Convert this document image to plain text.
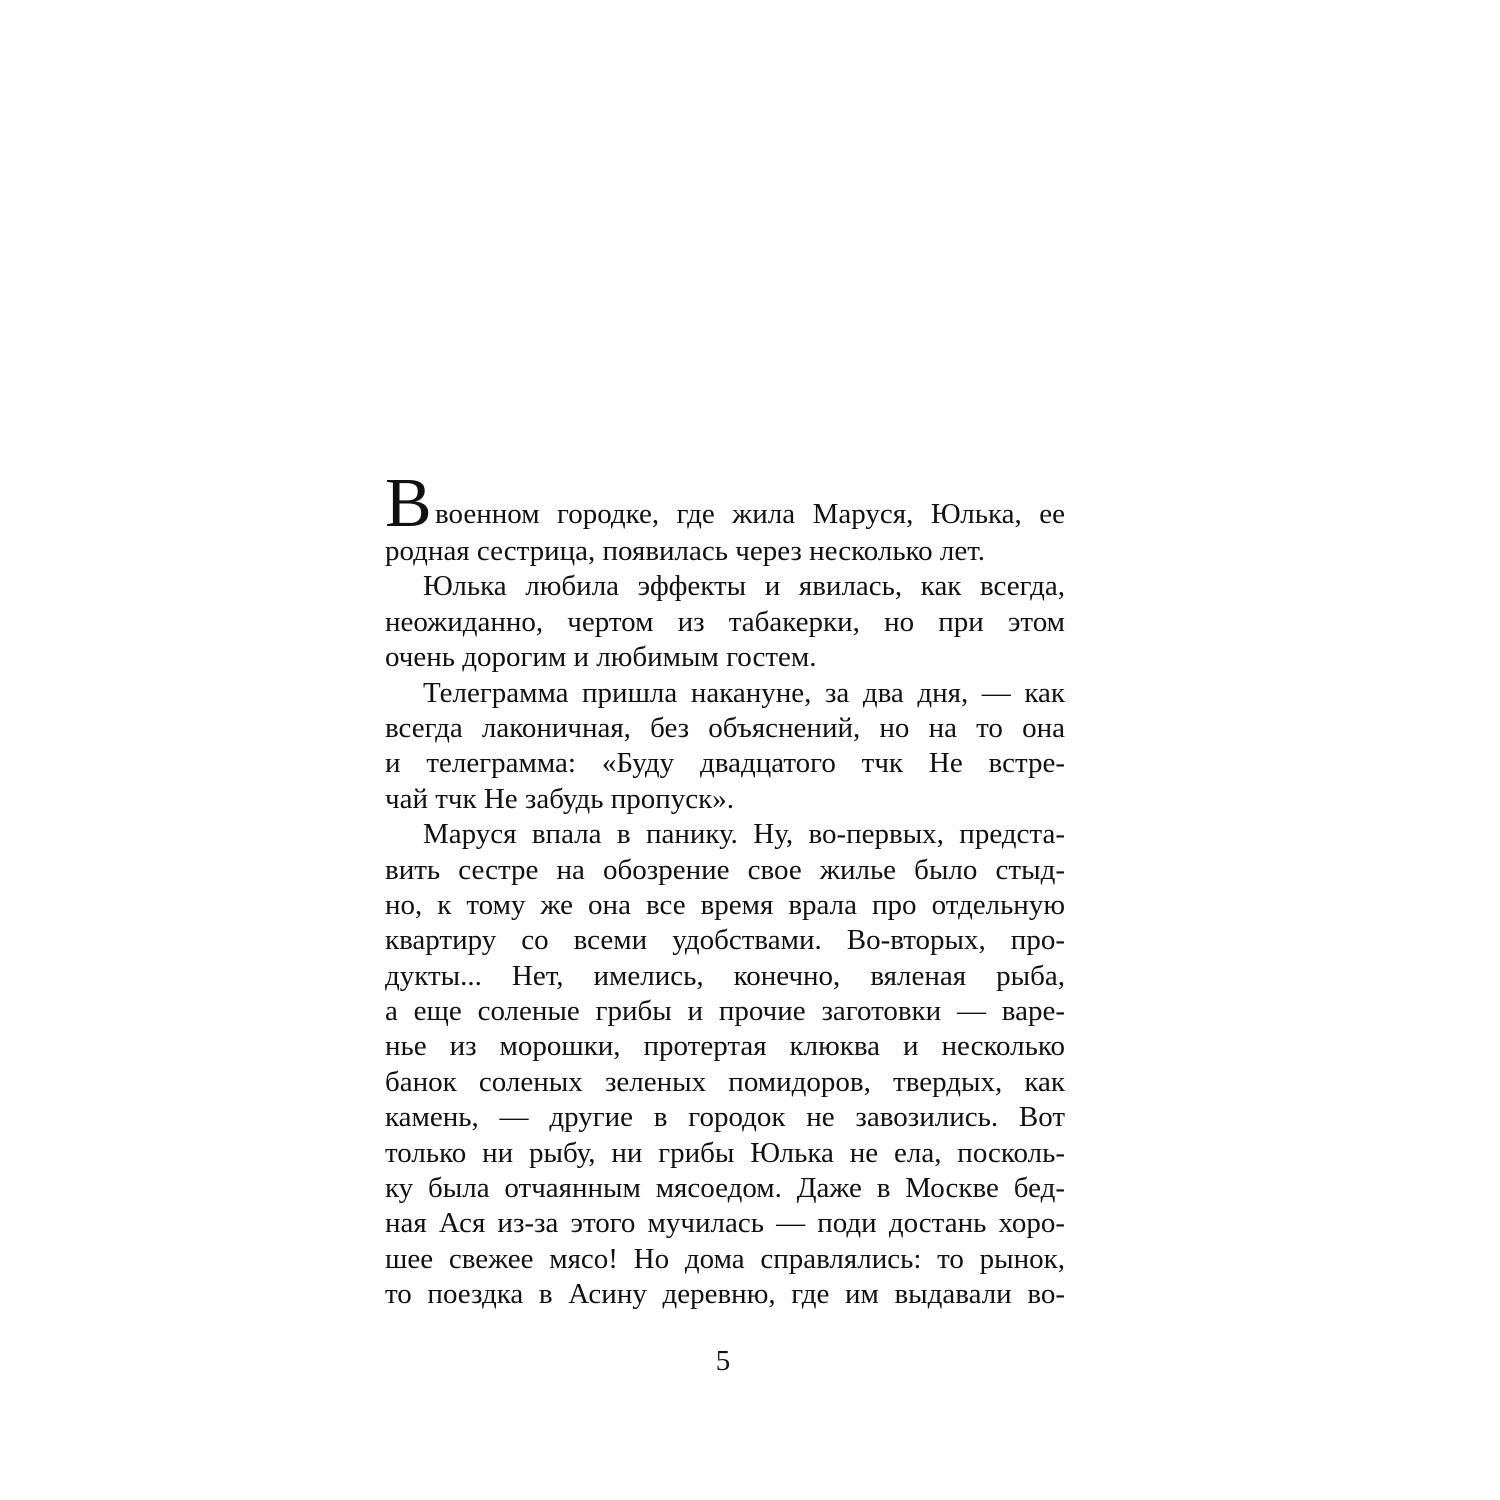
В военном городке, где жила Маруся, Юлька, ее
родная сестрица, появилась через несколько лет.
Юлька любила эффекты и явилась, как всегда,
неожиданно, чертом из табакерки, но при этом
очень дорогим и любимым гостем.
Телеграмма пришла накануне, за два дня, — как
всегда лаконичная, без объяснений, но на то она
и телеграмма: «Буду двадцатого тчк Не встре-
чай тчк Не забудь пропуск».
Маруся впала в панику. Ну, во-первых, предста-
вить сестре на обозрение свое жилье было стыд-
но, к тому же она все время врала про отдельную
квартиру со всеми удобствами. Во-вторых, про-
дукты... Нет, имелись, конечно, вяленая рыба,
а еще соленые грибы и прочие заготовки — варе-
нье из морошки, протертая клюква и несколько
банок соленых зеленых помидоров, твердых, как
камень, — другие в городок не завозились. Вот
только ни рыбу, ни грибы Юлька не ела, посколь-
ку была отчаянным мясоедом. Даже в Москве бед-
ная Ася из-за этого мучилась — поди достань хоро-
шее свежее мясо! Но дома справлялись: то рынок,
то поездка в Асину деревню, где им выдавали во-
5
